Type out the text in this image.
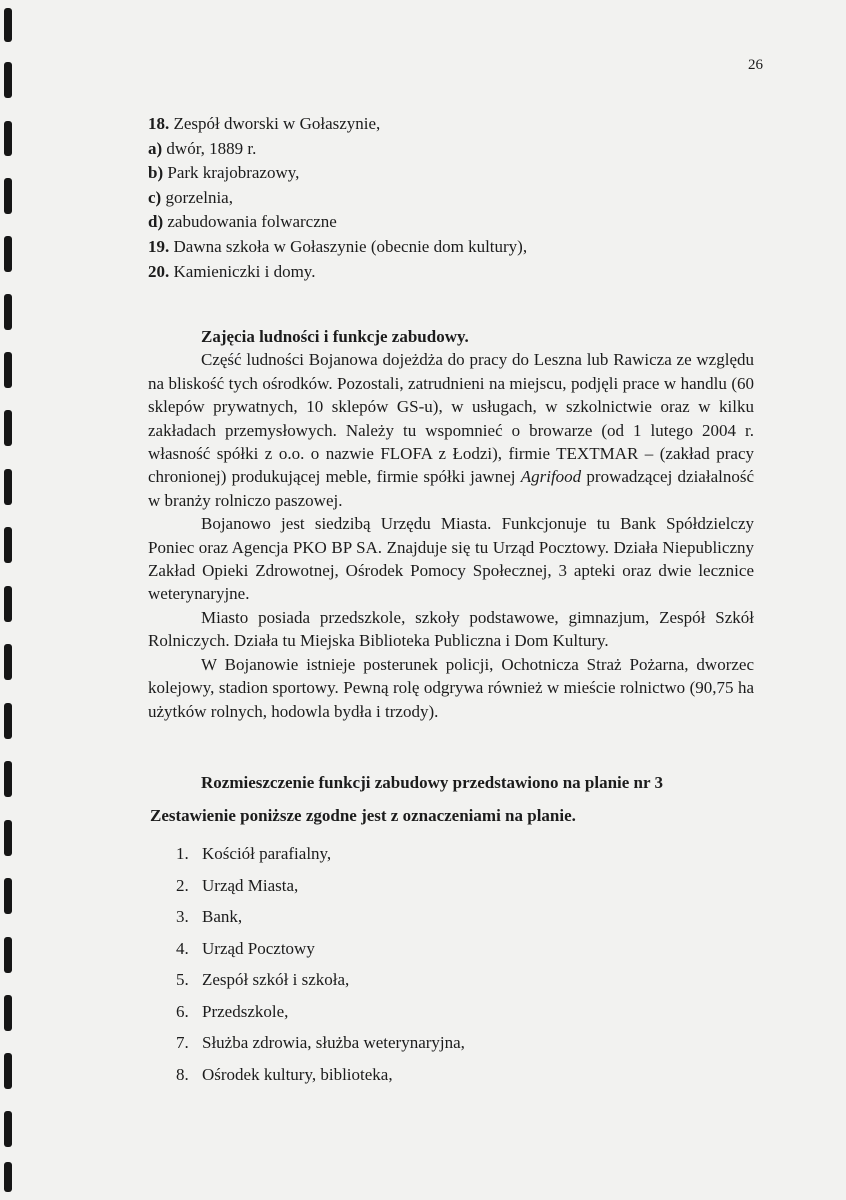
26
18. Zespół dworski w Gołaszynie,
a) dwór, 1889 r.
b) Park krajobrazowy,
c) gorzelnia,
d) zabudowania folwarczne
19. Dawna szkoła w Gołaszynie (obecnie dom kultury),
20. Kamieniczki i domy.
Zajęcia ludności i funkcje zabudowy.

Część ludności Bojanowa dojeżdża do pracy do Leszna lub Rawicza ze względu na bliskość tych ośrodków. Pozostali, zatrudnieni na miejscu, podjęli prace w handlu (60 sklepów prywatnych, 10 sklepów GS-u), w usługach, w szkolnictwie oraz w kilku zakładach przemysłowych. Należy tu wspomnieć o browarze (od 1 lutego 2004 r. własność spółki z o.o. o nazwie FLOFA z Łodzi), firmie TEXTMAR – (zakład pracy chronionej) produkującej meble, firmie spółki jawnej Agrifood prowadzącej działalność w branży rolniczo paszowej.

Bojanowo jest siedzibą Urzędu Miasta. Funkcjonuje tu Bank Spółdzielczy Poniec oraz Agencja PKO BP SA. Znajduje się tu Urząd Pocztowy. Działa Niepubliczny Zakład Opieki Zdrowotnej, Ośrodek Pomocy Społecznej, 3 apteki oraz dwie lecznice weterynaryjne.

Miasto posiada przedszkole, szkoły podstawowe, gimnazjum, Zespół Szkół Rolniczych. Działa tu Miejska Biblioteka Publiczna i Dom Kultury.

W Bojanowie istnieje posterunek policji, Ochotnicza Straż Pożarna, dworzec kolejowy, stadion sportowy. Pewną rolę odgrywa również w mieście rolnictwo (90,75 ha użytków rolnych, hodowla bydła i trzody).

Rozmieszczenie funkcji zabudowy przedstawiono na planie nr 3
Zestawienie poniższe zgodne jest z oznaczeniami na planie.
1. Kościół parafialny,
2. Urząd Miasta,
3. Bank,
4. Urząd Pocztowy
5. Zespół szkół i szkoła,
6. Przedszkole,
7. Służba zdrowia, służba weterynaryjna,
8. Ośrodek kultury, biblioteka,
